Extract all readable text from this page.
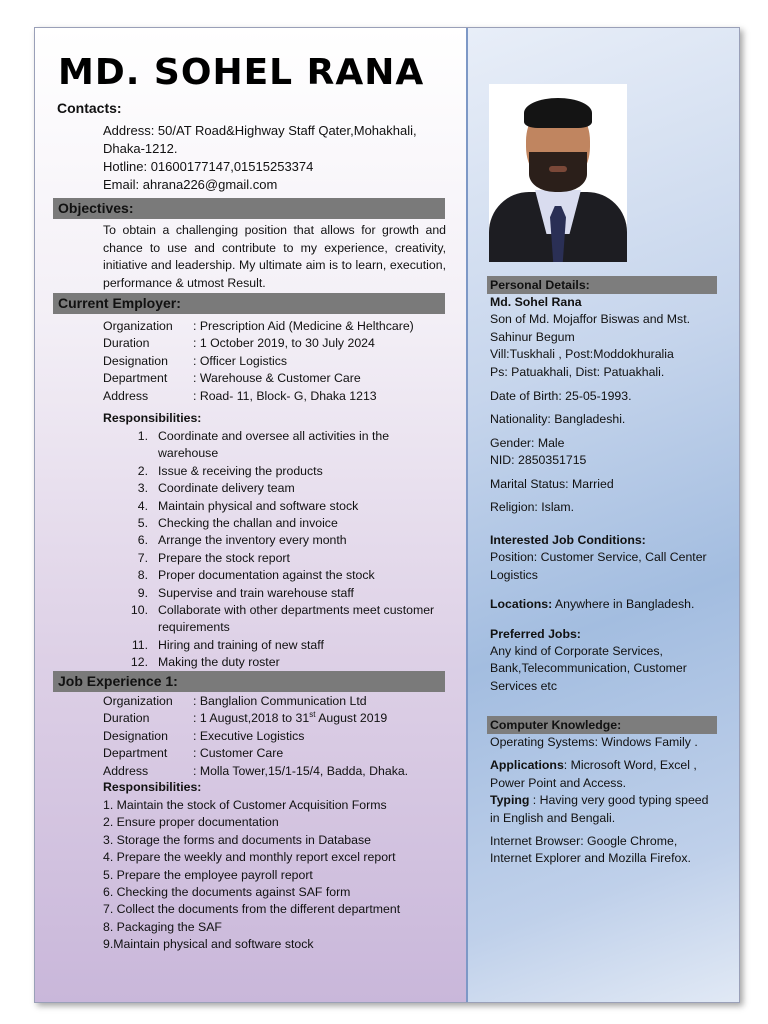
MD. SOHEL RANA
Contacts:
Address: 50/AT Road&Highway Staff Qater,Mohakhali,
Dhaka-1212.
Hotline: 01600177147,01515253374
Email: ahrana226@gmail.com
Objectives:
To obtain a challenging position that allows for growth and chance to use and contribute to my experience, creativity, initiative and leadership. My ultimate aim is to learn, execution, performance & utmost Result.
Current Employer:
Organization	: Prescription Aid (Medicine & Helthcare)
Duration	: 1 October 2019, to 30 July 2024
Designation	: Officer Logistics
Department	: Warehouse & Customer Care
Address	: Road- 11, Block- G, Dhaka 1213
Responsibilities:
1. Coordinate and oversee all activities in the
warehouse
2. Issue & receiving the products
3. Coordinate delivery team
4. Maintain physical and software stock
5. Checking the challan and invoice
6. Arrange the inventory every month
7. Prepare the stock report
8. Proper documentation against the stock
9. Supervise and train warehouse staff
10. Collaborate with other departments meet customer
requirements
11. Hiring and training of new staff
12. Making the duty roster
Job Experience 1:
Organization	: Banglalion Communication Ltd
Duration	: 1 August,2018 to 31st August 2019
Designation	: Executive Logistics
Department	: Customer Care
Address	: Molla Tower,15/1-15/4, Badda, Dhaka.
Responsibilities:
1. Maintain the stock of Customer Acquisition Forms
2. Ensure proper documentation
3. Storage the forms and documents in Database
4. Prepare the weekly and monthly report excel report
5. Prepare the employee payroll report
6. Checking the documents against SAF form
7. Collect the documents from the different department
8. Packaging the SAF
9.Maintain physical and software stock
Personal Details:

Md. Sohel Rana

Son of Md. Mojaffor Biswas and Mst.

Sahinur Begum

Vill:Tuskhali , Post:Moddokhuralia

Ps: Patuakhali, Dist: Patuakhali.

Date of Birth: 25-05-1993.

Nationality: Bangladeshi.

Gender: Male

NID: 2850351715

Marital Status: Married

Religion: Islam.

Interested Job Conditions:

Position: Customer Service, Call Center

Logistics

Locations: Anywhere in Bangladesh.

Preferred Jobs:

Any kind of Corporate Services,

Bank,Telecommunication, Customer

Services etc

Computer Knowledge:

Operating Systems: Windows Family .

Applications: Microsoft Word, Excel ,

Power Point and Access.

Typing : Having very good typing speed

in English and Bengali.

Internet Browser: Google Chrome,

Internet Explorer and Mozilla Firefox.
